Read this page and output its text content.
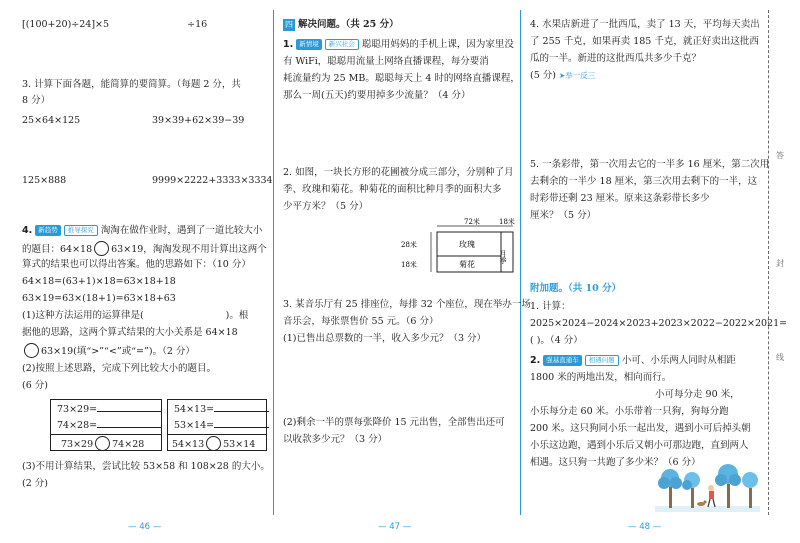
答
封
线
[(100+20)÷24]×5	÷16
3. 计算下面各题，能简算的要简算。（每题 2 分，共
8 分）
25×64×125	39×39+62×39−39
125×888	9999×2222+3333×3334
4. 新趋势 推导探究 淘淘在做作业时，遇到了一道比较大小
的题目：64×18 63×19，淘淘发现不用计算出这两个
算式的结果也可以得出答案。他的思路如下：（10 分）
64×18=(63+1)×18=63×18+18
63×19=63×(18+1)=63×18+63
(1)这种方法运用的运算律是(	)。根
据他的思路，这两个算式结果的大小关系是 64×18
63×19(填“>”“<”或“=”)。（2 分）
(2)按照上述思路，完成下列比较大小的题目。
(6 分)
73×29=
74×28=
73×29 74×28
54×13=
53×14=
54×13 53×14
(3)不用计算结果，尝试比较 53×58 和 108×28 的大小。
(2 分)
— 46 —
四 解决问题。（共 25 分）
1. 新情境 新兴社会 聪聪用妈妈的手机上课，因为家里没
有 WiFi，聪聪用流量上网络直播课程，每分要消
耗流量约为 25 MB。聪聪每天上 4 时的网络直播课程，
那么一周(五天)约要用掉多少流量？（4 分）
2. 如图，一块长方形的花圃被分成三部分，分别种了月
季、玫瑰和菊花。种菊花的面积比种月季的面积大多
少平方米？（5 分）
72米	18米
28米
18米
玫瑰
菊花
月季
3. 某音乐厅有 25 排座位，每排 32 个座位，现在举办一场
音乐会，每张票售价 55 元。（6 分）
(1)已售出总票数的一半，收入多少元？（3 分）
(2)剩余一半的票每张降价 15 元出售，全部售出还可
以收款多少元？（3 分）
— 47 —
4. 水果店新进了一批西瓜，卖了 13 天，平均每天卖出
了 255 千克，如果再卖 185 千克，就正好卖出这批西
瓜的一半。新进的这批西瓜共多少千克？
(5 分) ➤举一反三
5. 一条彩带，第一次用去它的一半多 16 厘米，第二次用
去剩余的一半少 18 厘米，第三次用去剩下的一半，这
时彩带还剩 23 厘米。原来这条彩带长多少
厘米？（5 分）
附加题。（共 10 分）
1. 计算：
2025×2024−2024×2023+2023×2022−2022×2021=
( )。（4 分）
2. 强基直通车 相遇问题 小可、小乐两人同时从相距
1800 米的两地出发，相向而行。
小可每分走 90 米，
小乐每分走 60 米。小乐带着一只狗，狗每分跑
200 米。这只狗同小乐一起出发，遇到小可后掉头朝
小乐这边跑，遇到小乐后又朝小可那边跑，直到两人
相遇。这只狗一共跑了多少米？（6 分）
— 48 —
